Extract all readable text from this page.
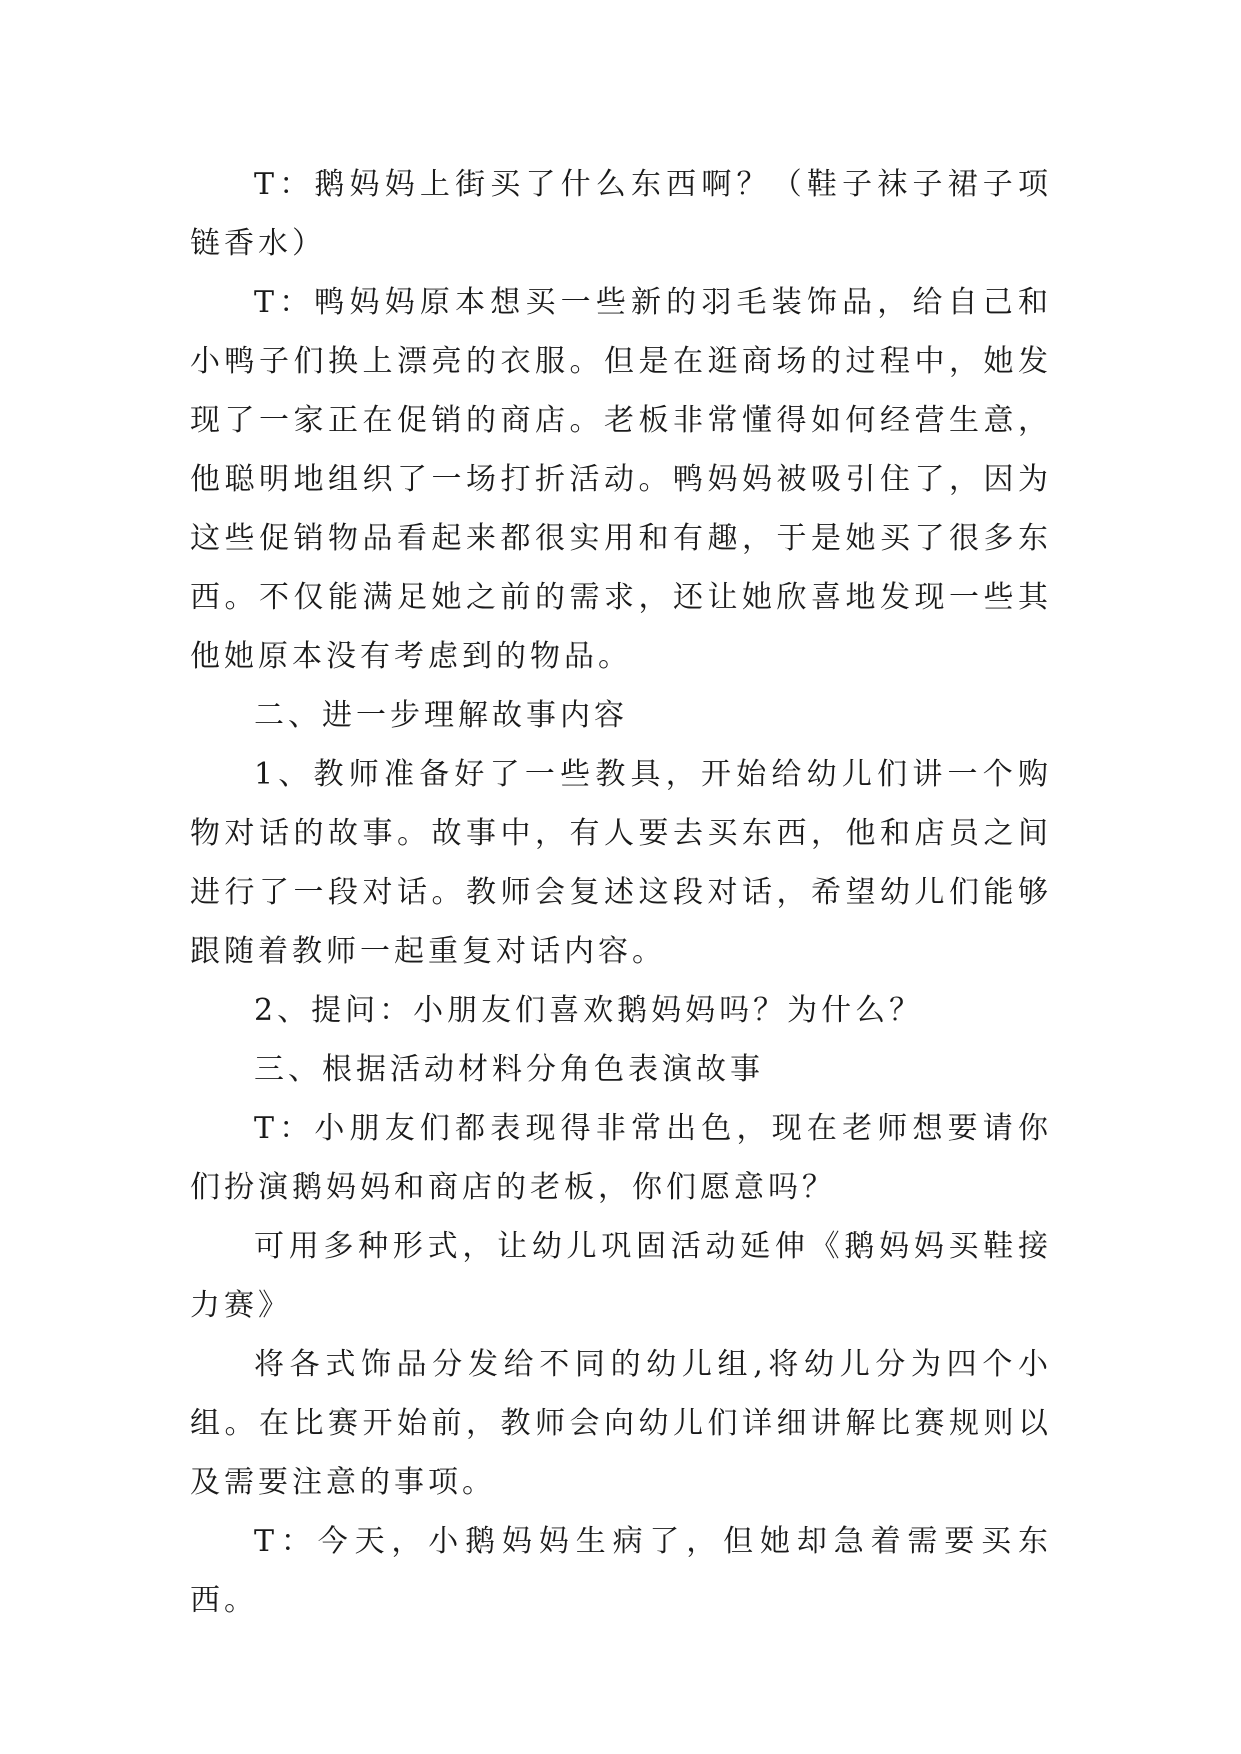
T：鹅妈妈上街买了什么东西啊？（鞋子袜子裙子项链香水）

T：鸭妈妈原本想买一些新的羽毛装饰品，给自己和小鸭子们换上漂亮的衣服。但是在逛商场的过程中，她发现了一家正在促销的商店。老板非常懂得如何经营生意，他聪明地组织了一场打折活动。鸭妈妈被吸引住了，因为这些促销物品看起来都很实用和有趣，于是她买了很多东西。不仅能满足她之前的需求，还让她欣喜地发现一些其他她原本没有考虑到的物品。

二、进一步理解故事内容

1、教师准备好了一些教具，开始给幼儿们讲一个购物对话的故事。故事中，有人要去买东西，他和店员之间进行了一段对话。教师会复述这段对话，希望幼儿们能够跟随着教师一起重复对话内容。

2、提问：小朋友们喜欢鹅妈妈吗？为什么？

三、根据活动材料分角色表演故事

T：小朋友们都表现得非常出色，现在老师想要请你们扮演鹅妈妈和商店的老板，你们愿意吗？

可用多种形式，让幼儿巩固活动延伸《鹅妈妈买鞋接力赛》

将各式饰品分发给不同的幼儿组,将幼儿分为四个小组。在比赛开始前，教师会向幼儿们详细讲解比赛规则以及需要注意的事项。

T：今天，小鹅妈妈生病了，但她却急着需要买东西。
